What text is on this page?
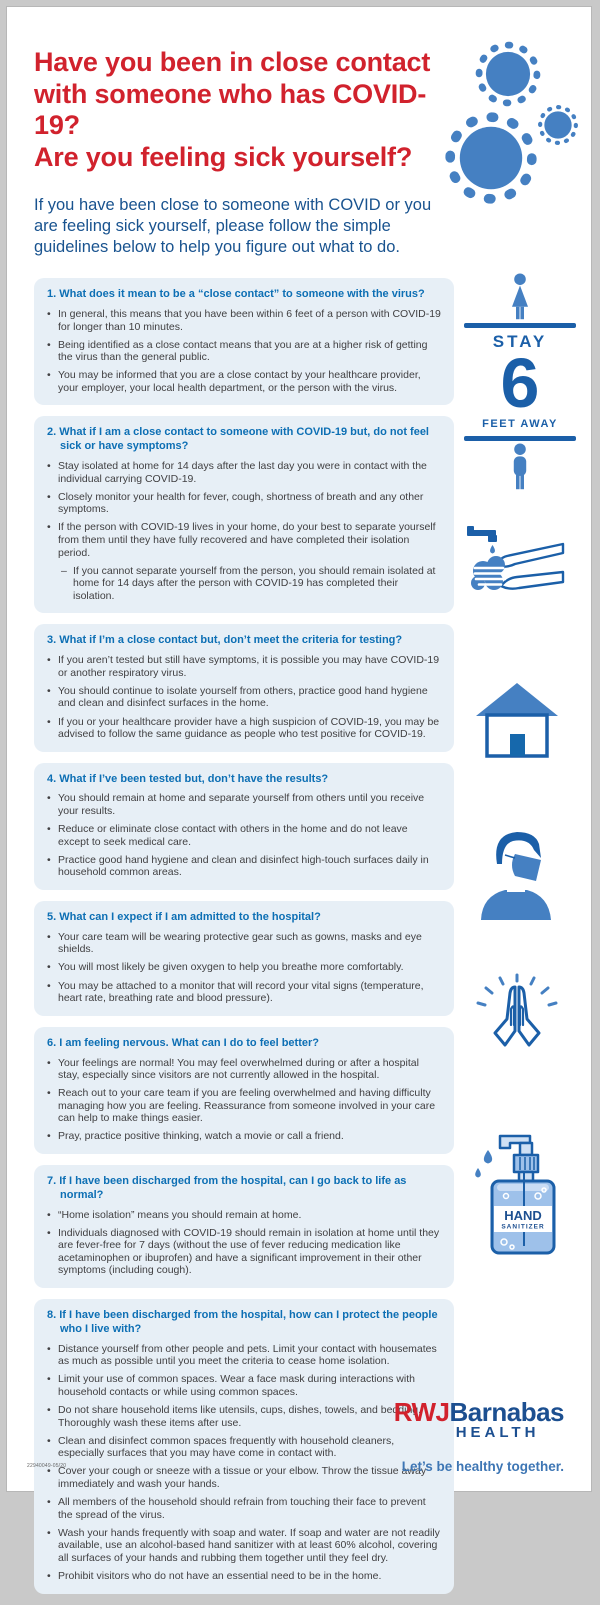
Have you been in close contact
with someone who has COVID-19?
Are you feeling sick yourself?
If you have been close to someone with COVID or you are feeling sick yourself, please follow the simple guidelines below to help you figure out what to do.
1. What does it mean to be a “close contact” to someone with the virus?
• In general, this means that you have been within 6 feet of a person with COVID-19 for longer than 10 minutes.
• Being identified as a close contact means that you are at a higher risk of getting the virus than the general public.
• You may be informed that you are a close contact by your healthcare provider, your employer, your local health department, or the person with the virus.
2. What if I am a close contact to someone with COVID-19 but, do not feel sick or have symptoms?
• Stay isolated at home for 14 days after the last day you were in contact with the individual carrying COVID-19.
• Closely monitor your health for fever, cough, shortness of breath and any other symptoms.
• If the person with COVID-19 lives in your home, do your best to separate yourself from them until they have fully recovered and have completed their isolation period.
– If you cannot separate yourself from the person, you should remain isolated at home for 14 days after the person with COVID-19 has completed their isolation.
3. What if I’m a close contact but, don’t meet the criteria for testing?
• If you aren’t tested but still have symptoms, it is possible you may have COVID-19 or another respiratory virus.
• You should continue to isolate yourself from others, practice good hand hygiene and clean and disinfect surfaces in the home.
• If you or your healthcare provider have a high suspicion of COVID-19, you may be advised to follow the same guidance as people who test positive for COVID-19.
4. What if I’ve been tested but, don’t have the results?
• You should remain at home and separate yourself from others until you receive your results.
• Reduce or eliminate close contact with others in the home and do not leave except to seek medical care.
• Practice good hand hygiene and clean and disinfect high-touch surfaces daily in household common areas.
5. What can I expect if I am admitted to the hospital?
• Your care team will be wearing protective gear such as gowns, masks and eye shields.
• You will most likely be given oxygen to help you breathe more comfortably.
• You may be attached to a monitor that will record your vital signs (temperature, heart rate, breathing rate and blood pressure).
6. I am feeling nervous. What can I do to feel better?
• Your feelings are normal! You may feel overwhelmed during or after a hospital stay, especially since visitors are not currently allowed in the hospital.
• Reach out to your care team if you are feeling overwhelmed and having difficulty managing how you are feeling. Reassurance from someone involved in your care can help to make things easier.
• Pray, practice positive thinking, watch a movie or call a friend.
7. If I have been discharged from the hospital, can I go back to life as normal?
• “Home isolation” means you should remain at home.
• Individuals diagnosed with COVID-19 should remain in isolation at home until they are fever-free for 7 days (without the use of fever reducing medication like acetaminophen or ibuprofen) and have a significant improvement in their other symptoms (including cough).
8. If I have been discharged from the hospital, how can I protect the people who I live with?
• Distance yourself from other people and pets. Limit your contact with housemates as much as possible until you meet the criteria to cease home isolation.
• Limit your use of common spaces. Wear a face mask during interactions with household contacts or while using common spaces.
• Do not share household items like utensils, cups, dishes, towels, and bedding. Thoroughly wash these items after use.
• Clean and disinfect common spaces frequently with household cleaners, especially surfaces that you may have come in contact with.
• Cover your cough or sneeze with a tissue or your elbow. Throw the tissue away immediately and wash your hands.
• All members of the household should refrain from touching their face to prevent the spread of the virus.
• Wash your hands frequently with soap and water. If soap and water are not readily available, use an alcohol-based hand sanitizer with at least 60% alcohol, covering all surfaces of your hands and rubbing them together until they feel dry.
• Prohibit visitors who do not have an essential need to be in the home.
STAY
6
FEET AWAY
HAND
SANITIZER
RWJBarnabas
HEALTH
Let’s be healthy together.
22940049-05/20
